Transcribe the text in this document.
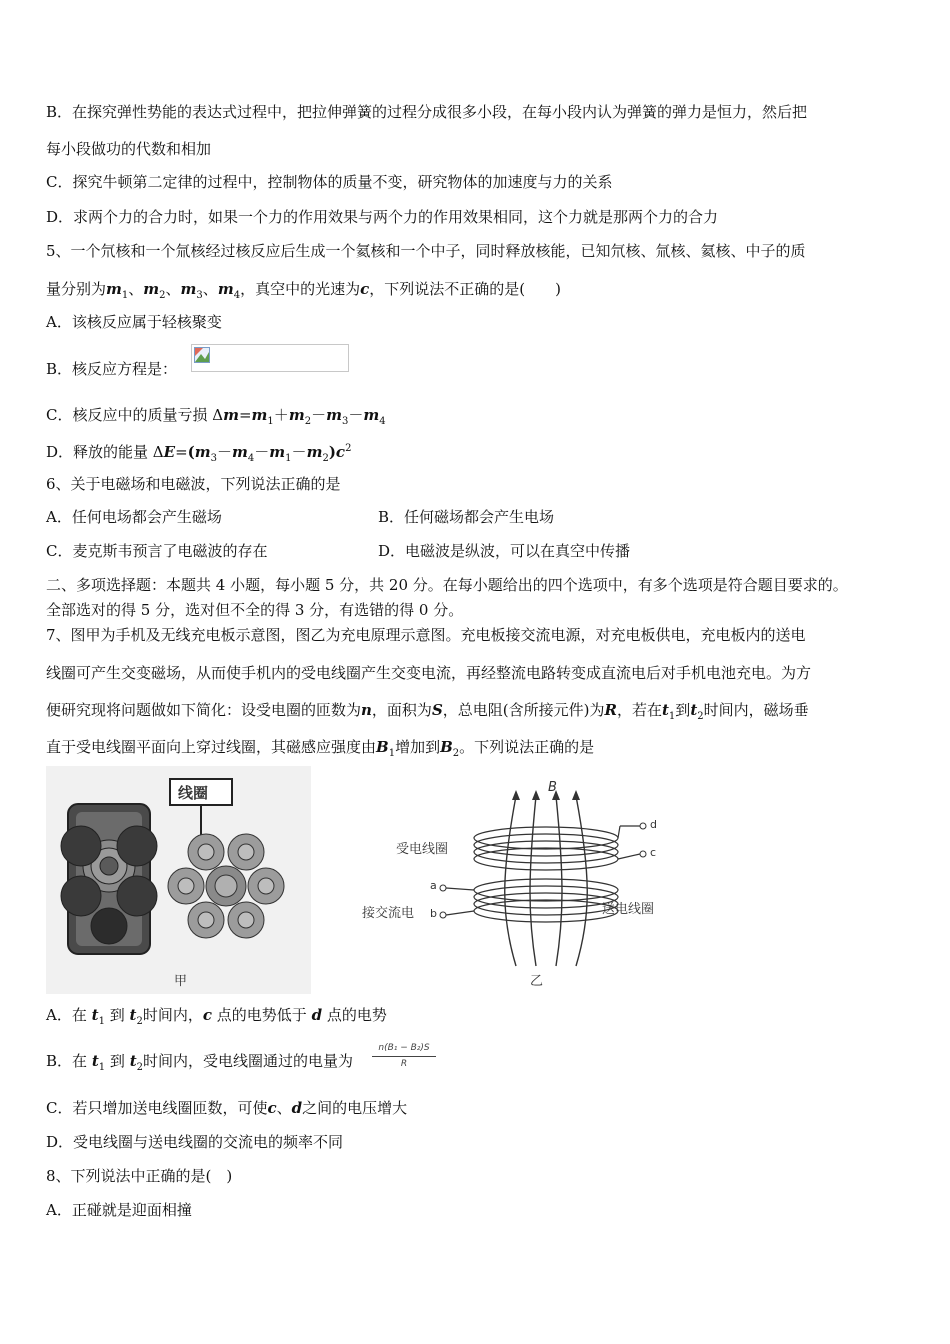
B．在探究弹性势能的表达式过程中，把拉伸弹簧的过程分成很多小段，在每小段内认为弹簧的弹力是恒力，然后把
每小段做功的代数和相加
C．探究牛顿第二定律的过程中，控制物体的质量不变，研究物体的加速度与力的关系
D．求两个力的合力时，如果一个力的作用效果与两个力的作用效果相同，这个力就是那两个力的合力
5、一个氘核和一个氚核经过核反应后生成一个氦核和一个中子，同时释放核能，已知氘核、氚核、氦核、中子的质
量分别为$m_1$、$m_2$、$m_3$、$m_4$，真空中的光速为c，下列说法不正确的是(　　)
A．该核反应属于轻核聚变
B．核反应方程是：
C．核反应中的质量亏损 $\Delta m=m_1+m_2-m_3-m_4$
D．释放的能量 $\Delta E=(m_3-m_4-m_1-m_2)c^2$
6、关于电磁场和电磁波，下列说法正确的是
A．任何电场都会产生磁场	B．任何磁场都会产生电场
C．麦克斯韦预言了电磁波的存在	D．电磁波是纵波，可以在真空中传播
二、多项选择题：本题共 4 小题，每小题 5 分，共 20 分。在每小题给出的四个选项中，有多个选项是符合题目要求的。
全部选对的得 5 分，选对但不全的得 3 分，有选错的得 0 分。
7、图甲为手机及无线充电板示意图，图乙为充电原理示意图。充电板接交流电源，对充电板供电，充电板内的送电
线圈可产生交变磁场，从而使手机内的受电线圈产生交变电流，再经整流电路转变成直流电后对手机电池充电。为方
便研究现将问题做如下简化：设受电圈的匝数为n，面积为S，总电阻(含所接元件)为R，若在$t_1$到$t_2$时间内，磁场垂
直于受电线圈平面向上穿过线圈，其磁感应强度由$B_1$增加到$B_2$。下列说法正确的是
线圈
甲	乙
B
受电线圈
接交流电	送电线圈
a
b
c
d
A．在 $t_1$ 到 $t_2$时间内，c 点的电势低于 d 点的电势
B．在 $t_1$ 到 $t_2$时间内，受电线圈通过的电量为 $\frac{\text{n(B₁ − B₂)S}}{R}$
C．若只增加送电线圈匝数，可使c、d之间的电压增大
D．受电线圈与送电线圈的交流电的频率不同
8、下列说法中正确的是(　)
A．正碰就是迎面相撞
